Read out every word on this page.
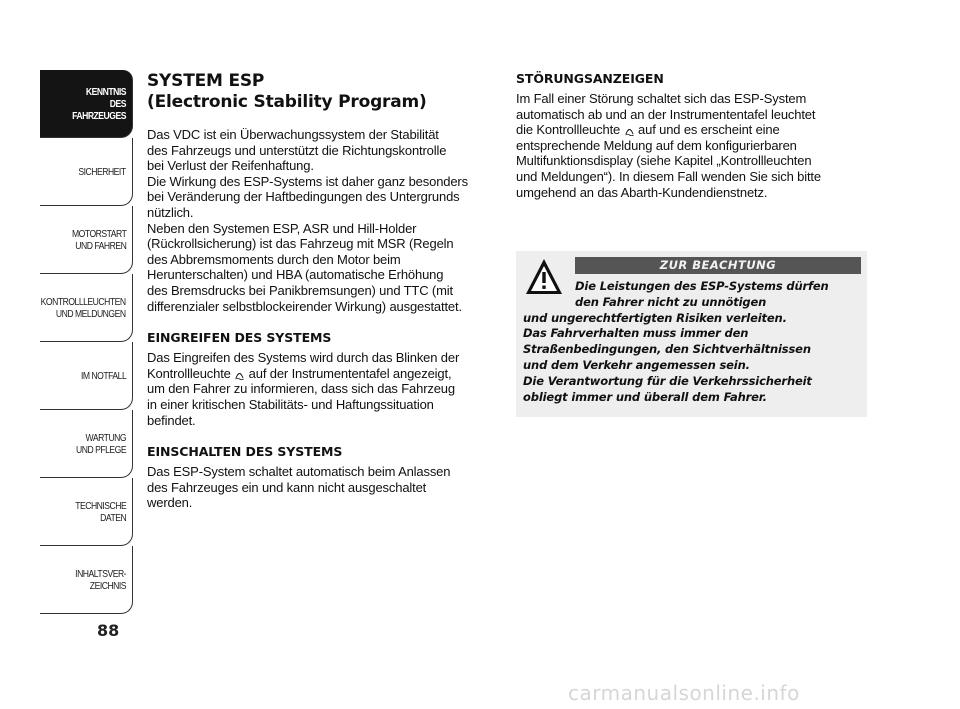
KENNTNIS
DES FAHRZEUGES
SICHERHEIT
MOTORSTART
UND FAHREN
KONTROLLLEUCHTEN
UND MELDUNGEN
IM NOTFALL
WARTUNG
UND PFLEGE
TECHNISCHE
DATEN
INHALTSVER-
ZEICHNIS
88
SYSTEM ESP
(Electronic Stability Program)

Das VDC ist ein Überwachungssystem der Stabilität
des Fahrzeugs und unterstützt die Richtungskontrolle
bei Verlust der Reifenhaftung.
Die Wirkung des ESP-Systems ist daher ganz besonders
bei Veränderung der Haftbedingungen des Untergrunds
nützlich.
Neben den Systemen ESP, ASR und Hill-Holder
(Rückrollsicherung) ist das Fahrzeug mit MSR (Regeln
des Abbremsmoments durch den Motor beim
Herunterschalten) und HBA (automatische Erhöhung
des Bremsdrucks bei Panikbremsungen) und TTC (mit
differenzialer selbstblockeirender Wirkung) ausgestattet.

EINGREIFEN DES SYSTEMS

Das Eingreifen des Systems wird durch das Blinken der
Kontrollleuchte  auf der Instrumententafel angezeigt,
um den Fahrer zu informieren, dass sich das Fahrzeug
in einer kritischen Stabilitäts- und Haftungssituation
befindet.

EINSCHALTEN DES SYSTEMS

Das ESP-System schaltet automatisch beim Anlassen
des Fahrzeuges ein und kann nicht ausgeschaltet
werden.

STÖRUNGSANZEIGEN

Im Fall einer Störung schaltet sich das ESP-System
automatisch ab und an der Instrumententafel leuchtet
die Kontrollleuchte  auf und es erscheint eine
entsprechende Meldung auf dem konfigurierbaren
Multifunktionsdisplay (siehe Kapitel „Kontrollleuchten
und Meldungen“). In diesem Fall wenden Sie sich bitte
umgehend an das Abarth-Kundendienstnetz.

ZUR BEACHTUNG
Die Leistungen des ESP-Systems dürfen
den Fahrer nicht zu unnötigen
und ungerechtfertigten Risiken verleiten.
Das Fahrverhalten muss immer den
Straßenbedingungen, den Sichtverhältnissen
und dem Verkehr angemessen sein.
Die Verantwortung für die Verkehrssicherheit
obliegt immer und überall dem Fahrer.
carmanualsonline.info
